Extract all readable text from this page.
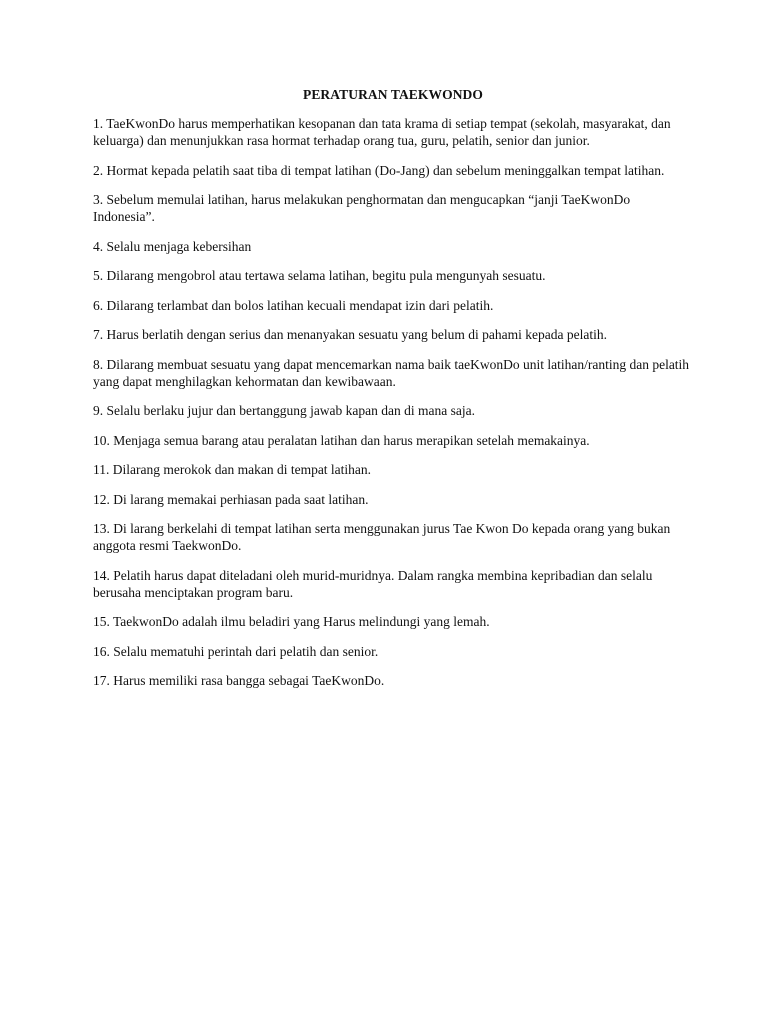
PERATURAN TAEKWONDO

1. TaeKwonDo harus memperhatikan kesopanan dan tata krama di setiap tempat (sekolah, masyarakat, dan keluarga) dan menunjukkan rasa hormat terhadap orang tua, guru, pelatih, senior dan junior.

2. Hormat kepada pelatih saat tiba di tempat latihan (Do-Jang) dan sebelum meninggalkan tempat latihan.

3. Sebelum memulai latihan, harus melakukan penghormatan dan mengucapkan “janji TaeKwonDo Indonesia”.

4. Selalu menjaga kebersihan

5. Dilarang mengobrol atau tertawa selama latihan, begitu pula mengunyah sesuatu.

6. Dilarang terlambat dan bolos latihan kecuali mendapat izin dari pelatih.

7. Harus berlatih dengan serius dan menanyakan sesuatu yang belum di pahami kepada pelatih.

8. Dilarang membuat sesuatu yang dapat mencemarkan nama baik taeKwonDo unit latihan/ranting dan pelatih yang dapat menghilagkan kehormatan dan kewibawaan.

9. Selalu berlaku jujur dan bertanggung jawab kapan dan di mana saja.

10. Menjaga semua barang atau peralatan latihan dan harus merapikan setelah memakainya.

11. Dilarang merokok dan makan di tempat latihan.

12. Di larang memakai perhiasan pada saat latihan.

13. Di larang berkelahi di tempat latihan serta menggunakan jurus Tae Kwon Do kepada orang yang bukan anggota resmi TaekwonDo.

14. Pelatih harus dapat diteladani oleh murid-muridnya. Dalam rangka membina kepribadian dan selalu berusaha menciptakan program baru.

15. TaekwonDo adalah ilmu beladiri yang Harus melindungi yang lemah.

16. Selalu mematuhi perintah dari pelatih dan senior.

17. Harus memiliki rasa bangga sebagai TaeKwonDo.
